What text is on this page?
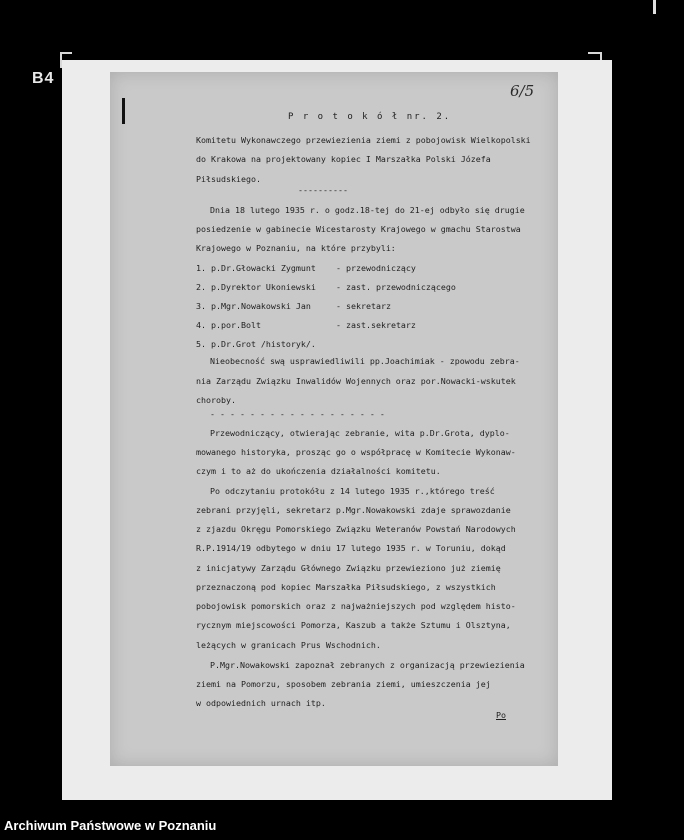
B4
6/5
P r o t o k ó ł nr. 2.
Komitetu Wykonawczego przewiezienia ziemi z pobojowisk Wielkopolski
do Krakowa na projektowany kopiec I Marszałka Polski Józefa
Piłsudskiego.
----------
Dnia 18 lutego 1935 r. o godz.18-tej do 21-ej odbyło się drugie
posiedzenie w gabinecie Wicestarosty Krajowego w gmachu Starostwa
Krajowego w Poznaniu, na które przybyli:
1. p.Dr.Głowacki Zygmunt - przewodniczący
2. p.Dyrektor Ukoniewski - zast. przewodniczącego
3. p.Mgr.Nowakowski Jan	- sekretarz
4. p.por.Bolt	- zast.sekretarz
5. p.Dr.Grot /historyk/.
Nieobecność swą usprawiedliwili pp.Joachimiak - zpowodu zebra-
nia Zarządu Związku Inwalidów Wojennych oraz por.Nowacki-wskutek
choroby.
- - - - - - - - - - - - - - - - - -
Przewodniczący, otwierając zebranie, wita p.Dr.Grota, dyplo-
mowanego historyka, prosząc go o współpracę w Komitecie Wykonaw-
czym i to aż do ukończenia działalności komitetu.
Po odczytaniu protokółu z 14 lutego 1935 r.,którego treść
zebrani przyjęli, sekretarz p.Mgr.Nowakowski zdaje sprawozdanie
z zjazdu Okręgu Pomorskiego Związku Weteranów Powstań Narodowych
R.P.1914/19 odbytego w dniu 17 lutego 1935 r. w Toruniu, dokąd
z inicjatywy Zarządu Głównego Związku przewieziono już ziemię
przeznaczoną pod kopiec Marszałka Piłsudskiego, z wszystkich
pobojowisk pomorskich oraz z najważniejszych pod względem histo-
rycznym miejscowości Pomorza, Kaszub a także Sztumu i Olsztyna,
leżących w granicach Prus Wschodnich.
P.Mgr.Nowakowski zapoznał zebranych z organizacją przewiezienia
ziemi na Pomorzu, sposobem zebrania ziemi, umieszczenia jej
w odpowiednich urnach itp.
Po
Archiwum Państwowe w Poznaniu
